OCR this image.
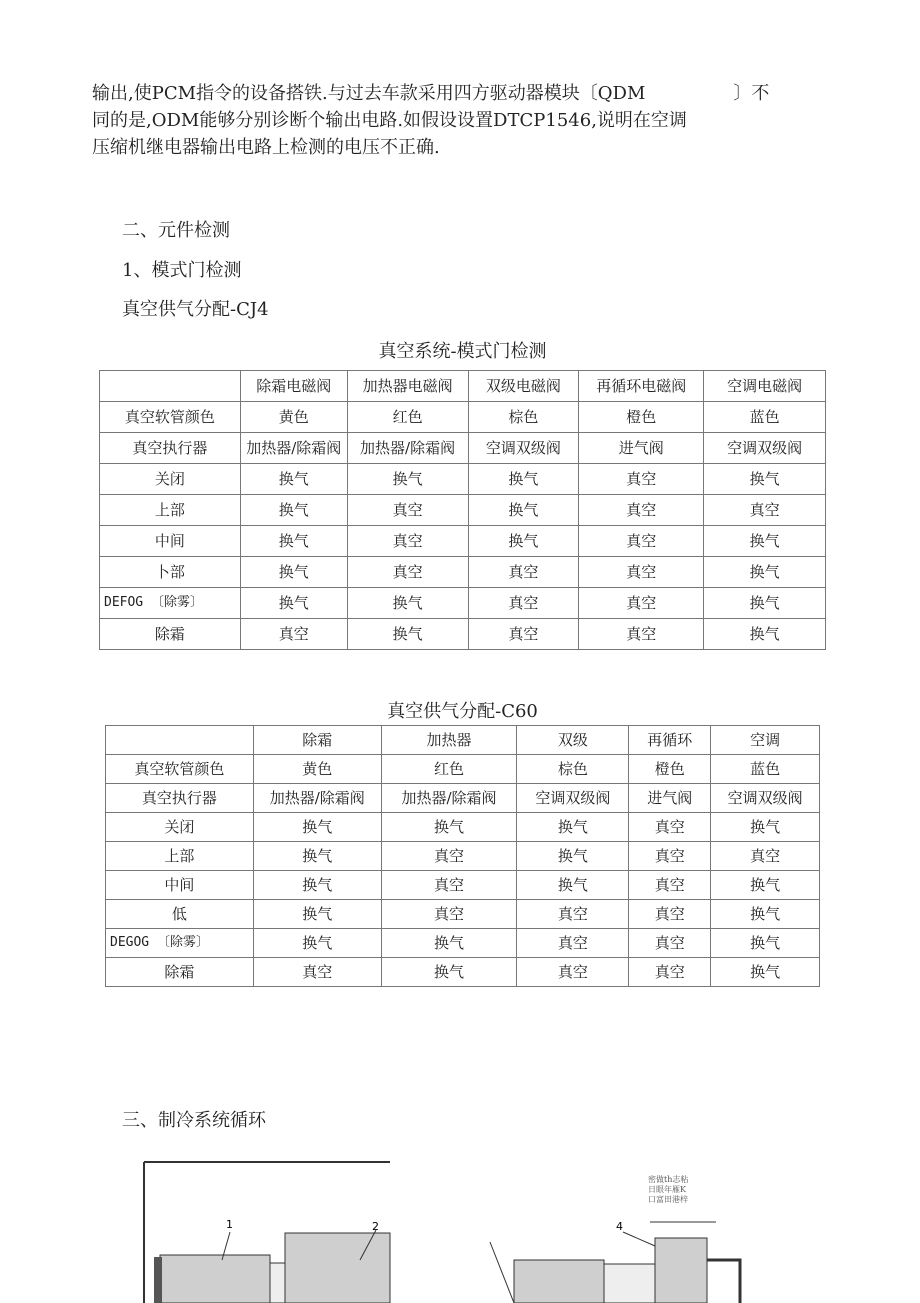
输出,使PCM指令的设备搭铁.与过去车款采用四方驱动器模块〔QDM	〕不

同的是,ODM能够分别诊断个输出电路.如假设设置DTCP1546,说明在空调

压缩机继电器输出电路上检测的电压不正确.

二、元件检测
1、模式门检测
真空供气分配-CJ4
真空系统-模式门检测
	除霜电磁阀	加热器电磁阀	双级电磁阀	再循环电磁阀	空调电磁阀
真空软管颜色	黄色	红色	棕色	橙色	蓝色
真空执行器	加热器/除霜阀	加热器/除霜阀	空调双级阀	进气阀	空调双级阀
关闭	换气	换气	换气	真空	换气
上部	换气	真空	换气	真空	真空
中间	换气	真空	换气	真空	换气
卜部	换气	真空	真空	真空	换气
DEFOG 〔除雾〕	换气	换气	真空	真空	换气
除霜	真空	换气	真空	真空	换气
真空供气分配-C60
	除霜	加热器	双级	再循环	空调
真空软管颜色	黄色	红色	棕色	橙色	蓝色
真空执行器	加热器/除霜阀	加热器/除霜阀	空调双级阀	进气阀	空调双级阀
关闭	换气	换气	换气	真空	换气
上部	换气	真空	换气	真空	真空
中间	换气	真空	换气	真空	换气
低	换气	真空	真空	真空	换气
DEGOG 〔除雾〕	换气	换气	真空	真空	换气
除霜	真空	换气	真空	真空	换气
三、制冷系统循环
1	2
密做th志粘
日眼年雁K
口富田港梓
4
